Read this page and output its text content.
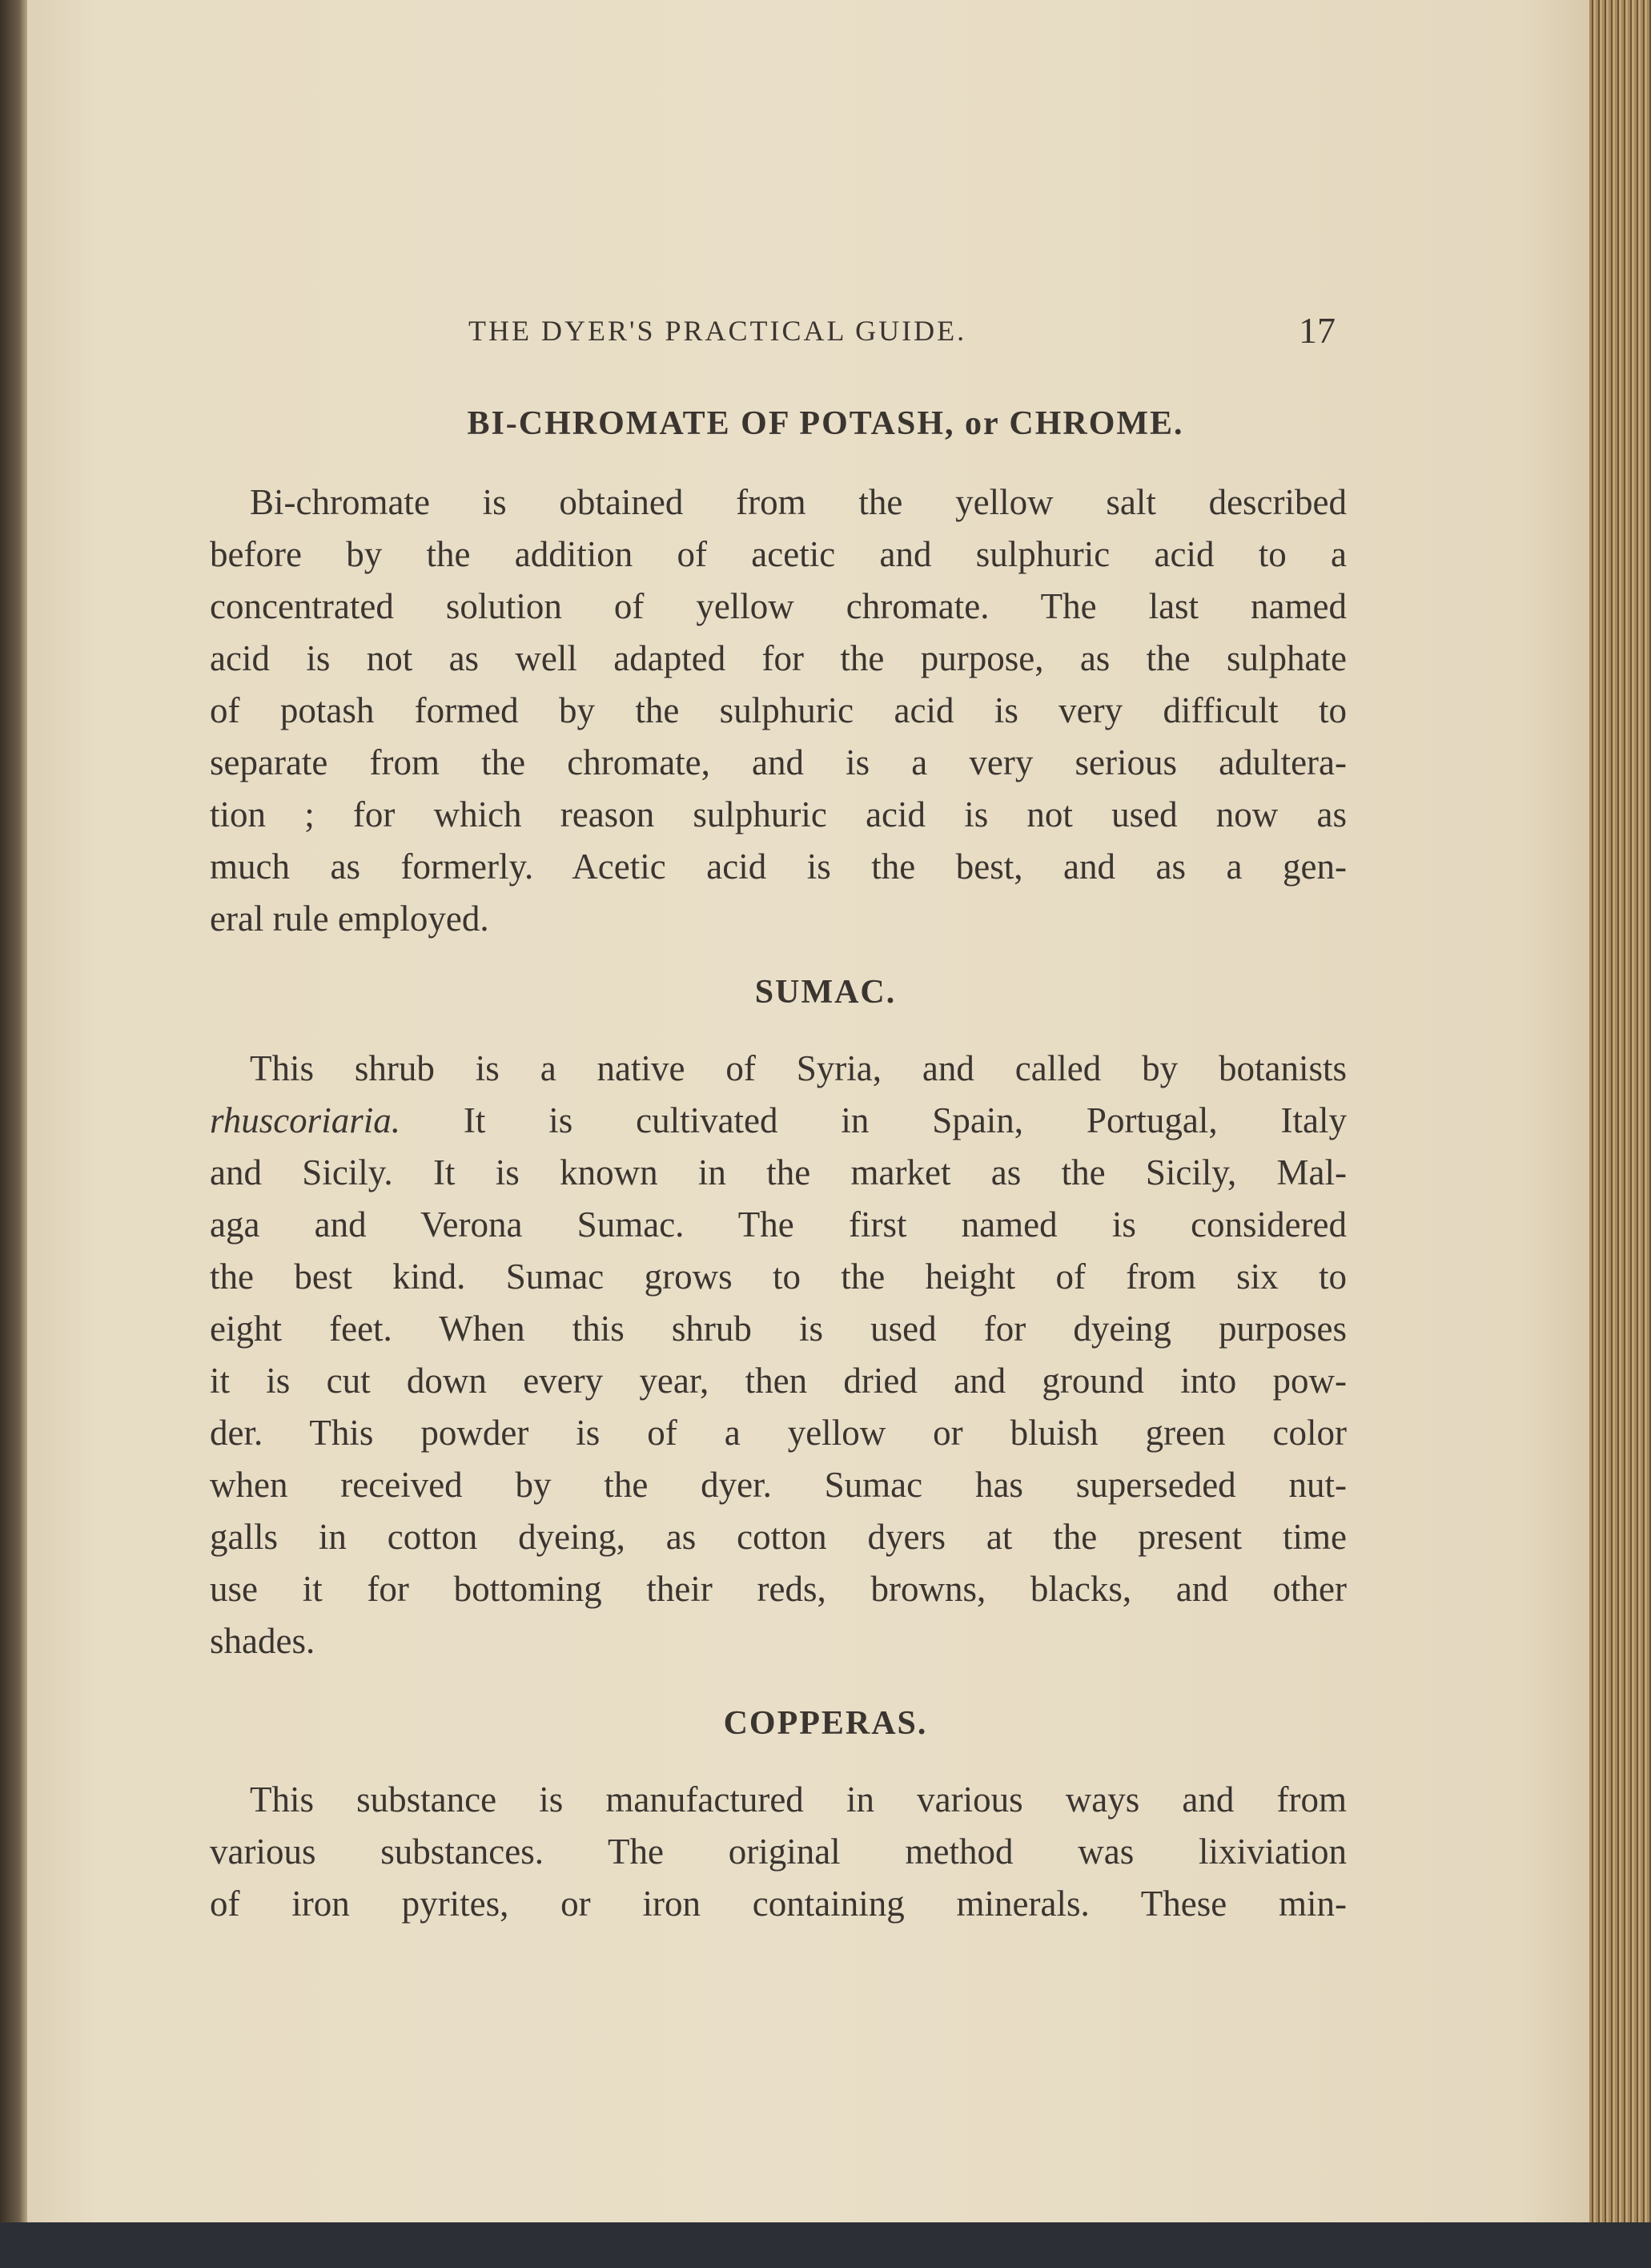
THE DYER'S PRACTICAL GUIDE.	17
BI-CHROMATE OF POTASH, or CHROME.
Bi-chromate is obtained from the yellow salt described
before by the addition of acetic and sulphuric acid to a
concentrated solution of yellow chromate. The last named
acid is not as well adapted for the purpose, as the sulphate
of potash formed by the sulphuric acid is very difficult to
separate from the chromate, and is a very serious adultera-
tion ; for which reason sulphuric acid is not used now as
much as formerly. Acetic acid is the best, and as a gen-
eral rule employed.
SUMAC.
This shrub is a native of Syria, and called by botanists
rhuscoriaria. It is cultivated in Spain, Portugal, Italy
and Sicily. It is known in the market as the Sicily, Mal-
aga and Verona Sumac. The first named is considered
the best kind. Sumac grows to the height of from six to
eight feet. When this shrub is used for dyeing purposes
it is cut down every year, then dried and ground into pow-
der. This powder is of a yellow or bluish green color
when received by the dyer. Sumac has superseded nut-
galls in cotton dyeing, as cotton dyers at the present time
use it for bottoming their reds, browns, blacks, and other
shades.
COPPERAS.
This substance is manufactured in various ways and from
various substances. The original method was lixiviation
of iron pyrites, or iron containing minerals. These min-
